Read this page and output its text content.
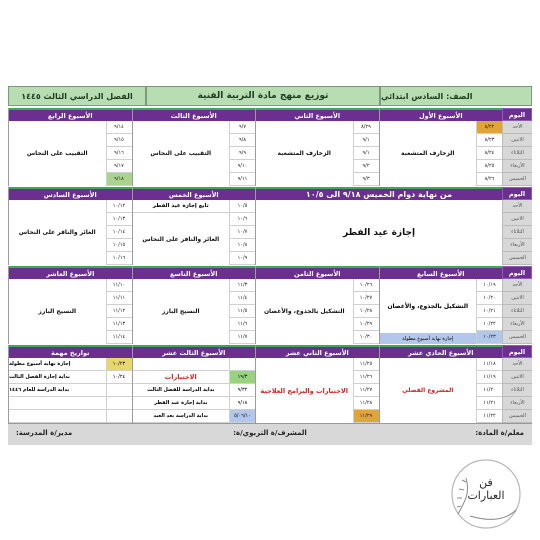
الصف: السادس ابتدائي
توزيع منهج مادة التربية الفنية
الفصل الدراسي الثالث ١٤٤٥
اليوم
الأحد
الاثنين
الثلاثاء
الأربعاء
الخميس
الأسبوع الأول
٨/٢٢
٨/٢٣
٨/٢٤
٨/٢٥
٨/٢٦
الزخارف المتشعبة
الأسبوع الثاني
٨/٢٩
٩/١
٩/١
٩/٢
٩/٣
الزخارف المتشعبة
الأسبوع الثالث
٩/٧
٩/٨
٩/٩
٩/١٠
٩/١١
التقبيب على النحاس
الأسبوع الرابع
٩/١٤
٩/١٥
٩/١٦
٩/١٧
٩/١٨
التقبيب على النحاس
اليوم
الأحد
الاثنين
الثلاثاء
الأربعاء
الخميس
من نهاية دوام الخميس ٩/١٨ الى ١٠/٥
إجازة عيد الفطر
الأسبوع الخمس
١٠/٥
١٠/٦
١٠/٧
١٠/٨
١٠/٩
تابع إجازة عيد الفطر
الغائر والنافر على النحاس
الأسبوع السادس
١٠/١٢
١٠/١٣
١٠/١٤
١٠/١٥
١٠/١٦
الغائر والنافر على النحاس
اليوم
الأحد
الاثنين
الثلاثاء
الأربعاء
الخميس
الأسبوع السابع
١٠/١٩
١٠/٢٠
١٠/٢١
١٠/٢٢
١٠/٢٣
التشكيل بالجذوع، والأغصان
إجازة نهاية أسبوع مطولة
الأسبوع الثامن
١٠/٢٦
١٠/٢٧
١٠/٢٨
١٠/٢٩
١٠/٣٠
التشكيل بالجذوع، والأغصان
الأسبوع التاسع
١١/٣
١١/٤
١١/٥
١١/٦
١١/٧
النسيج البارز
الأسبوع العاشر
١١/١٠
١١/١١
١١/١٢
١١/١٣
١١/١٤
النسيج البارز
اليوم
الأحد
الاثنين
الثلاثاء
الأربعاء
الخميس
الأسبوع الحادي عشر
١١/١٨
١١/١٩
١١/٢٠
١١/٢١
١١/٢٢
المشروع الفصلي
الأسبوع الثاني عشر
١١/٢٥
١١/٢٦
١١/٢٧
١١/٢٨
١١/٢٩
الاختبارات والبرامج العلاجية
الأسبوع الثالث عشر
١٩/٣
الاختبارات
٩/٣٢
بداية الدراسة للفصل الثالث
٩/١٨
بداية إجازة عيد الفطر
٥/٠٦/١٠
بداية الدراسة بعد العيد
تواريخ مهمة
١٠/٢٣
إجازة نهاية أسبوع مطولة
١٠/٢٤
بداية إجازة الفصل الثالث
بداية الدراسة للعام ١٤٤٦
معلم/ة المادة:
المشرف/ة التربوي/ة:
مدير/ة المدرسة:
فن
العبارات
